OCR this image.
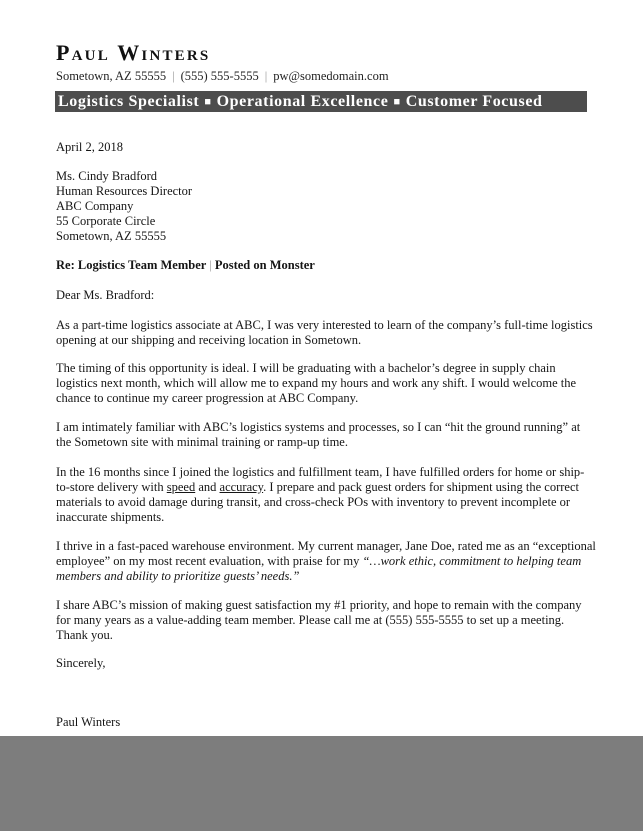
Paul Winters
Sometown, AZ 55555 | (555) 555-5555 | pw@somedomain.com
Logistics Specialist ■ Operational Excellence ■ Customer Focused
April 2, 2018
Ms. Cindy Bradford
Human Resources Director
ABC Company
55 Corporate Circle
Sometown, AZ 55555
Re: Logistics Team Member | Posted on Monster
Dear Ms. Bradford:
As a part-time logistics associate at ABC, I was very interested to learn of the company’s full-time logistics opening at our shipping and receiving location in Sometown.
The timing of this opportunity is ideal. I will be graduating with a bachelor’s degree in supply chain logistics next month, which will allow me to expand my hours and work any shift. I would welcome the chance to continue my career progression at ABC Company.
I am intimately familiar with ABC’s logistics systems and processes, so I can “hit the ground running” at the Sometown site with minimal training or ramp-up time.
In the 16 months since I joined the logistics and fulfillment team, I have fulfilled orders for home or ship-to-store delivery with speed and accuracy. I prepare and pack guest orders for shipment using the correct materials to avoid damage during transit, and cross-check POs with inventory to prevent incomplete or inaccurate shipments.
I thrive in a fast-paced warehouse environment. My current manager, Jane Doe, rated me as an “exceptional employee” on my most recent evaluation, with praise for my “…work ethic, commitment to helping team members and ability to prioritize guests’ needs.”
I share ABC’s mission of making guest satisfaction my #1 priority, and hope to remain with the company for many years as a value-adding team member. Please call me at (555) 555-5555 to set up a meeting. Thank you.
Sincerely,
Paul Winters
